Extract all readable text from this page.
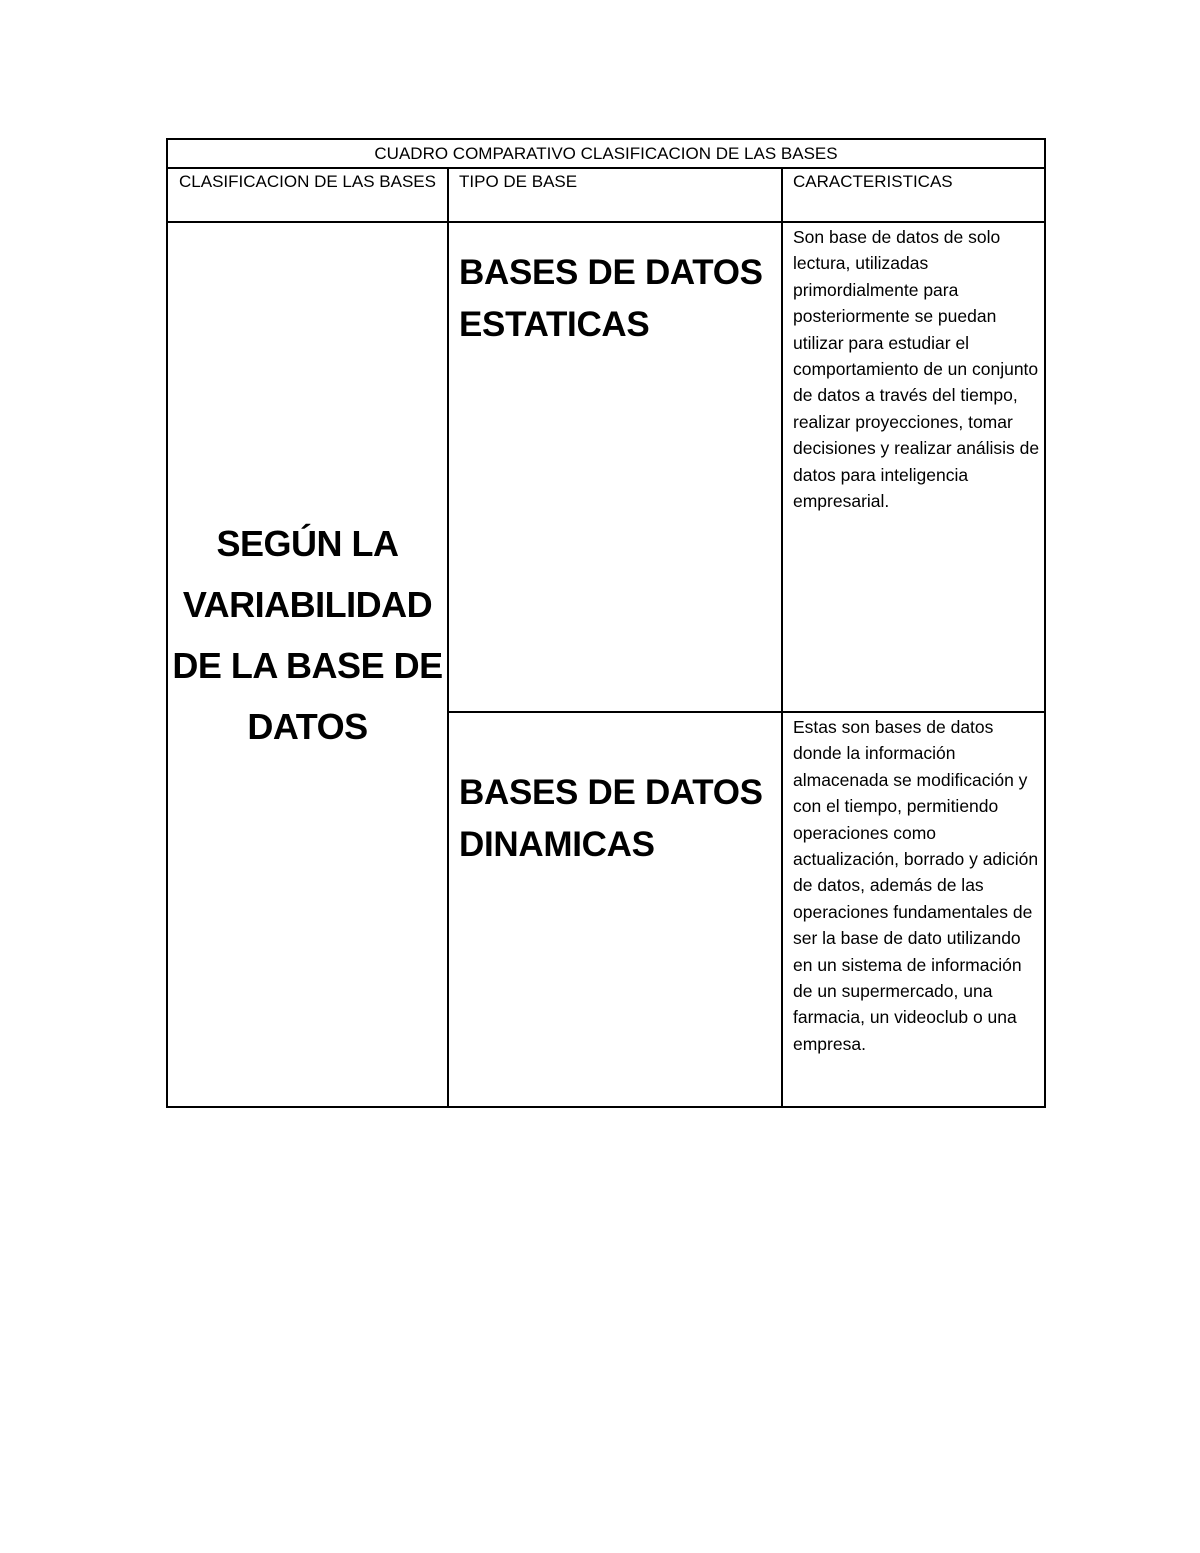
CUADRO COMPARATIVO CLASIFICACION DE LAS BASES		
CLASIFICACION DE LAS BASES	TIPO DE BASE	CARACTERISTICAS

SEGÚN LA VARIABILIDAD DE LA BASE DE DATOS	BASES DE DATOS ESTATICAS	Son base de datos de solo lectura, utilizadas primordialmente para posteriormente se puedan utilizar para estudiar el comportamiento de un conjunto de datos a través del tiempo, realizar proyecciones, tomar decisiones y realizar análisis de datos para inteligencia empresarial.

	BASES DE DATOS DINAMICAS	Estas son bases de datos donde la información almacenada se modificación y con el tiempo, permitiendo operaciones como actualización, borrado y adición de datos, además de las operaciones fundamentales de ser la base de dato utilizando en un sistema de información de un supermercado, una farmacia, un videoclub o una empresa.
